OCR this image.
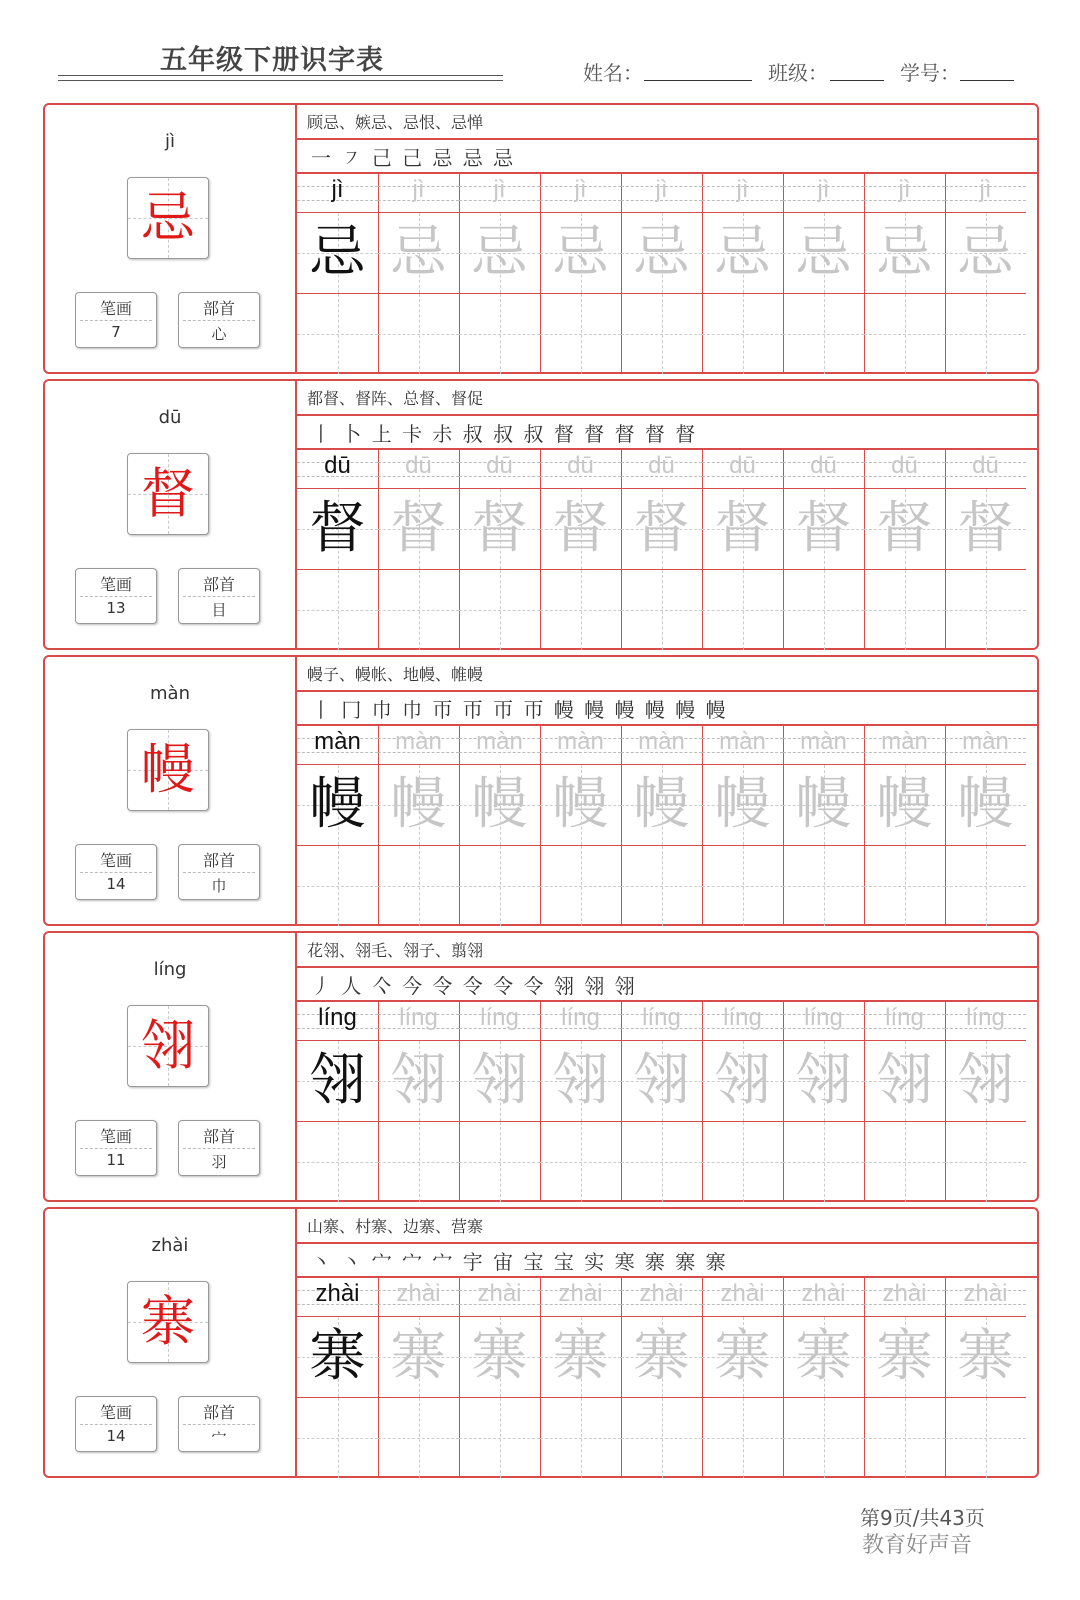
五年级下册识字表	姓名：	班级：	学号：
jì
忌
笔画
7
部首
心
顾忌、嫉忌、忌恨、忌惮
一 ㇇ 己 己 忌 忌 忌
jì
忌
jì
忌
jì
忌
jì
忌
jì
忌
jì
忌
jì
忌
jì
忌
jì
忌
dū
督
笔画
13
部首
目
都督、督阵、总督、督促
丨 卜 上 卡 尗 叔 叔 叔 督 督 督 督 督
dū
督
dū
督
dū
督
dū
督
dū
督
dū
督
dū
督
dū
督
dū
督
màn
幔
笔画
14
部首
巾
幔子、幔帐、地幔、帷幔
丨 冂 巾 巾 帀 帀 帀 帀 幔 幔 幔 幔 幔 幔
màn
幔
màn
幔
màn
幔
màn
幔
màn
幔
màn
幔
màn
幔
màn
幔
màn
幔
líng
翎
笔画
11
部首
羽
花翎、翎毛、翎子、翦翎
丿 人 亽 今 令 令 令 令 翎 翎 翎
líng
翎
líng
翎
líng
翎
líng
翎
líng
翎
líng
翎
líng
翎
líng
翎
líng
翎
zhài
寨
笔画
14
部首
宀
山寨、村寨、边寨、营寨
丶 丶 宀 宀 宀 宇 宙 宝 宝 实 寒 寨 寨 寨
zhài
寨
zhài
寨
zhài
寨
zhài
寨
zhài
寨
zhài
寨
zhài
寨
zhài
寨
zhài
寨
第9页/共43页
教育好声音
